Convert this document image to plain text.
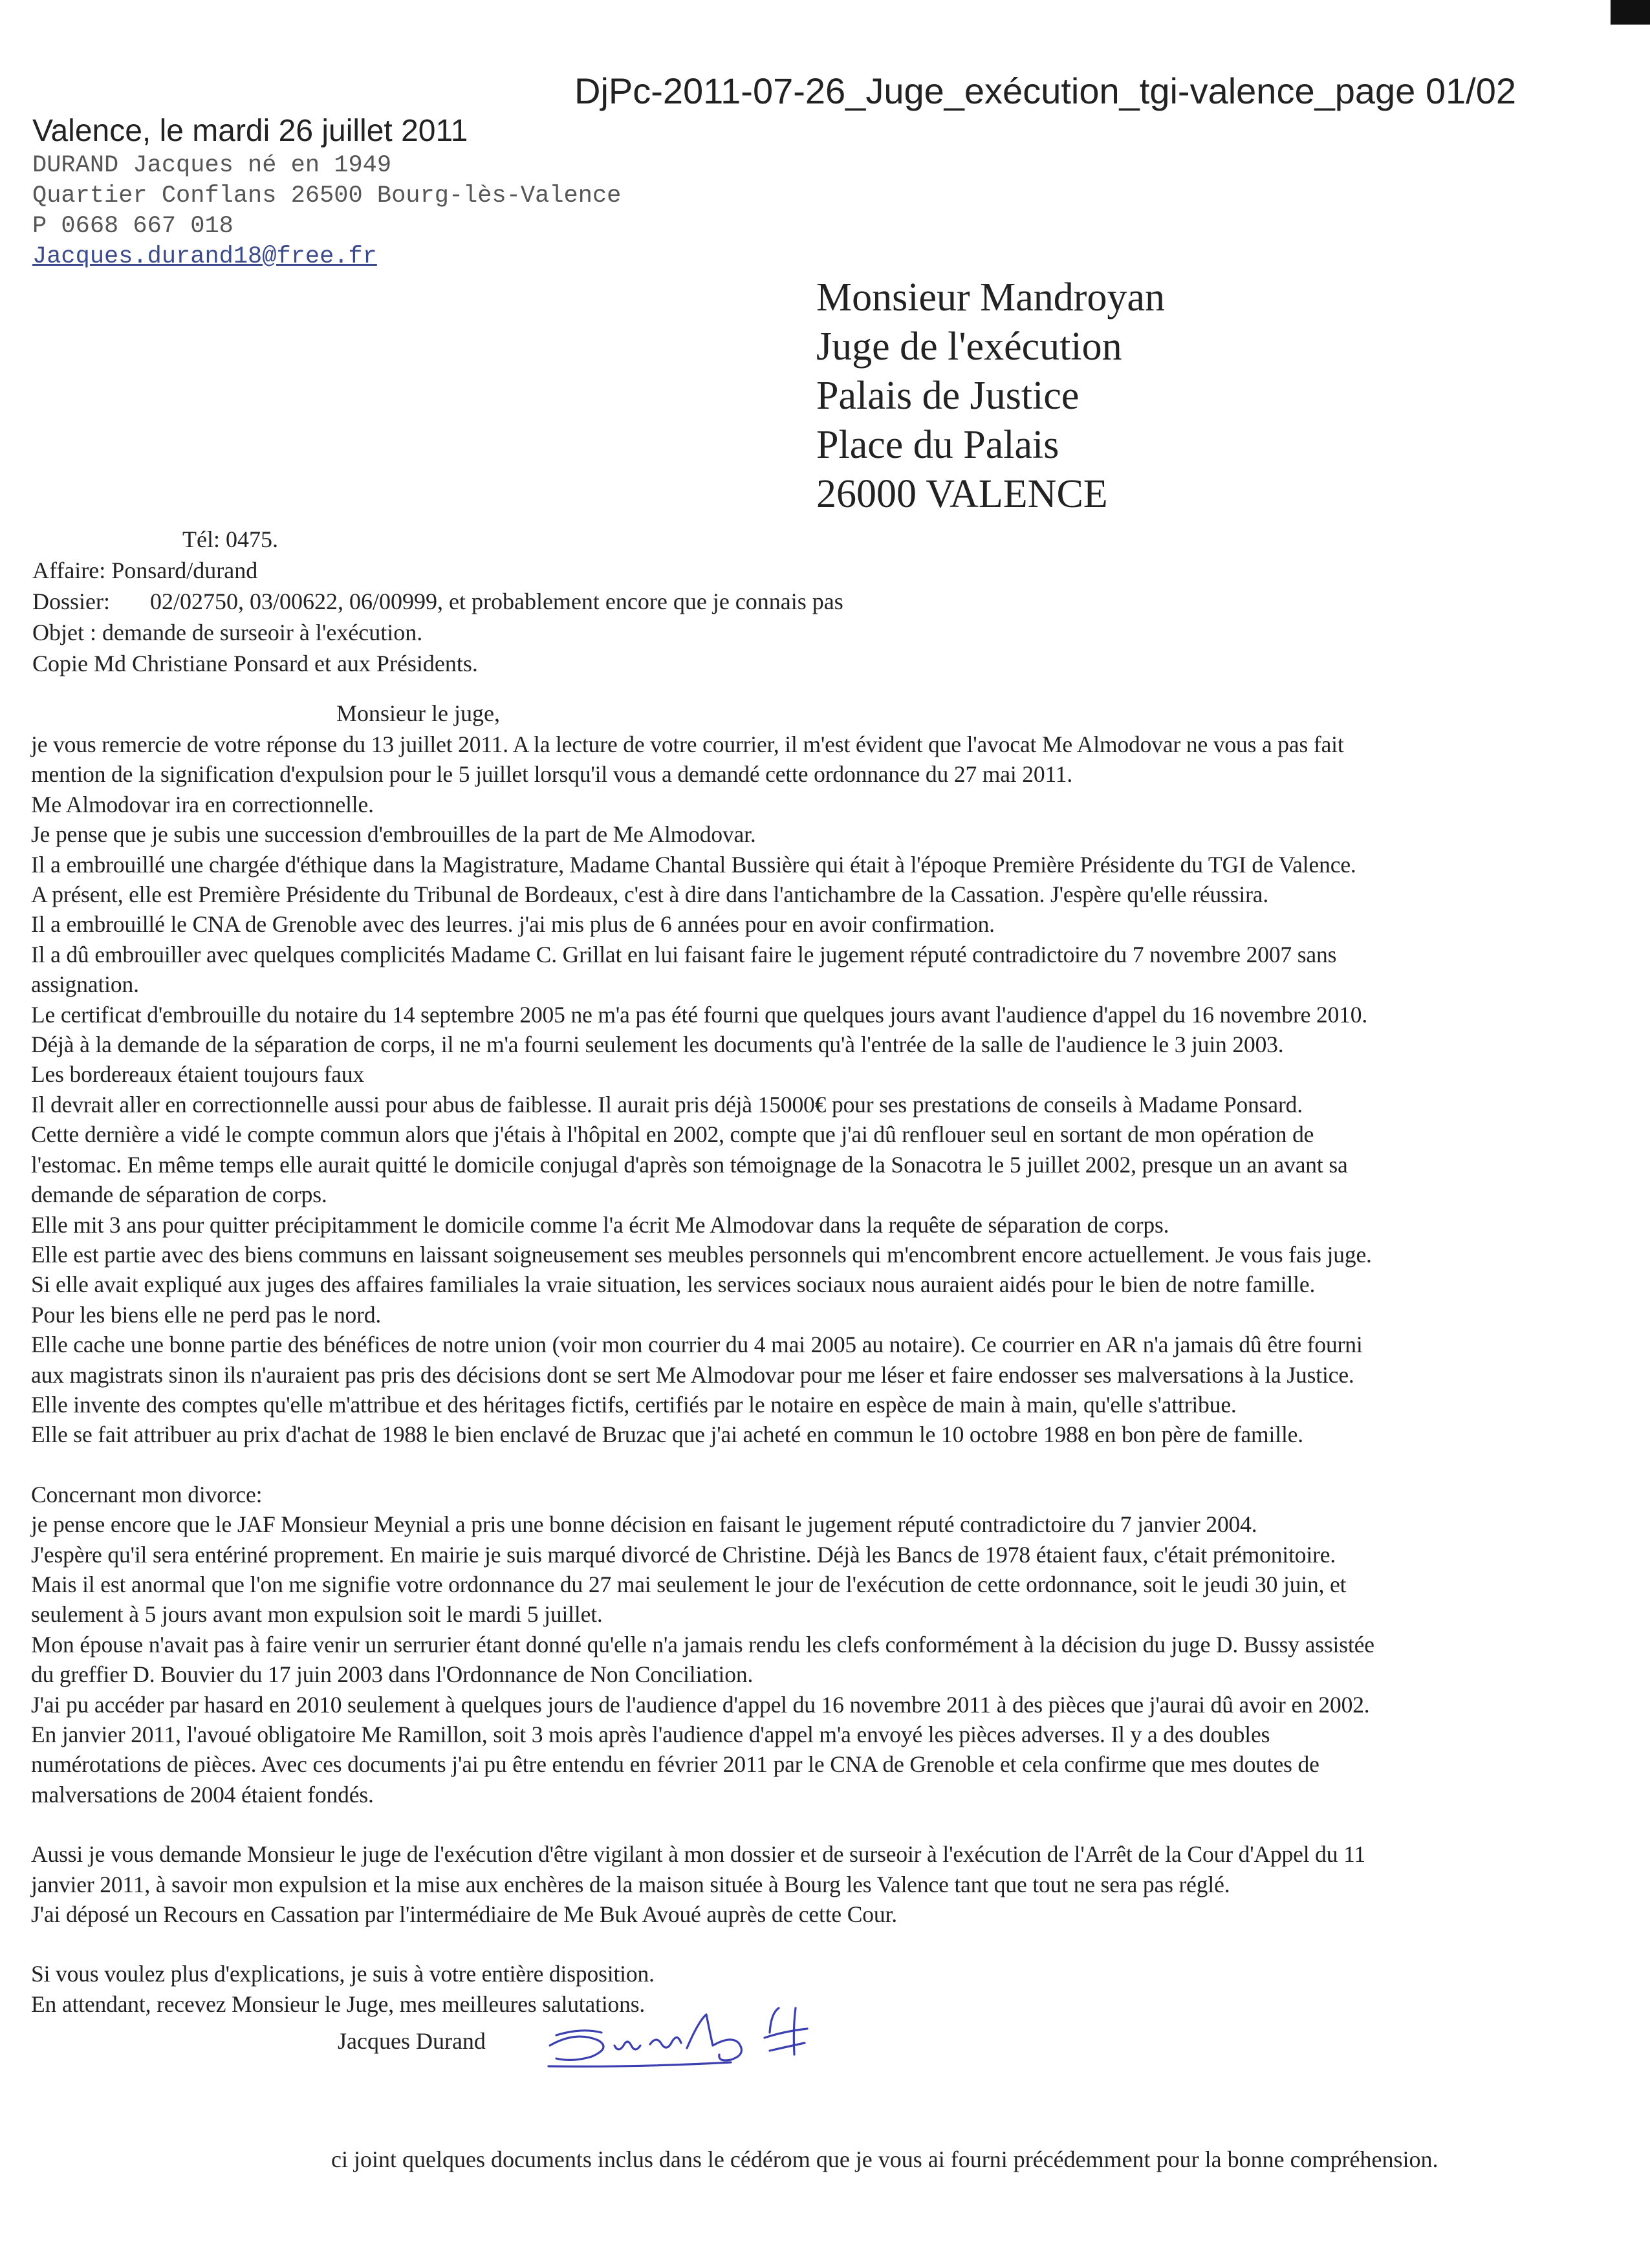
DjPc-2011-07-26_Juge_exécution_tgi-valence_page 01/02
Valence, le mardi 26 juillet 2011
DURAND Jacques né en 1949
Quartier Conflans 26500 Bourg-lès-Valence
P 0668 667 018
Jacques.durand18@free.fr
Monsieur Mandroyan
Juge de l'exécution
Palais de Justice
Place du Palais
26000 VALENCE
Tél: 0475.
Affaire: Ponsard/durand
Dossier: 02/02750, 03/00622, 06/00999, et probablement encore que je connais pas
Objet : demande de surseoir à l'exécution.
Copie Md Christiane Ponsard et aux Présidents.
Monsieur le juge,
je vous remercie de votre réponse du 13 juillet 2011. A la lecture de votre courrier, il m'est évident que l'avocat Me Almodovar ne vous a pas fait
mention de la signification d'expulsion pour le 5 juillet lorsqu'il vous a demandé cette ordonnance du 27 mai 2011.
Me Almodovar ira en correctionnelle.
Je pense que je subis une succession d'embrouilles de la part de Me Almodovar.
Il a embrouillé une chargée d'éthique dans la Magistrature, Madame Chantal Bussière qui était à l'époque Première Présidente du TGI de Valence.
A présent, elle est Première Présidente du Tribunal de Bordeaux, c'est à dire dans l'antichambre de la Cassation. J'espère qu'elle réussira.
Il a embrouillé le CNA de Grenoble avec des leurres. j'ai mis plus de 6 années pour en avoir confirmation.
Il a dû embrouiller avec quelques complicités Madame C. Grillat en lui faisant faire le jugement réputé contradictoire du 7 novembre 2007 sans
assignation.
Le certificat d'embrouille du notaire du 14 septembre 2005 ne m'a pas été fourni que quelques jours avant l'audience d'appel du 16 novembre 2010.
Déjà à la demande de la séparation de corps, il ne m'a fourni seulement les documents qu'à l'entrée de la salle de l'audience le 3 juin 2003.
Les bordereaux étaient toujours faux
Il devrait aller en correctionnelle aussi pour abus de faiblesse. Il aurait pris déjà 15000€ pour ses prestations de conseils à Madame Ponsard.
Cette dernière a vidé le compte commun alors que j'étais à l'hôpital en 2002, compte que j'ai dû renflouer seul en sortant de mon opération de
l'estomac. En même temps elle aurait quitté le domicile conjugal d'après son témoignage de la Sonacotra le 5 juillet 2002, presque un an avant sa
demande de séparation de corps.
Elle mit 3 ans pour quitter précipitamment le domicile comme l'a écrit Me Almodovar dans la requête de séparation de corps.
Elle est partie avec des biens communs en laissant soigneusement ses meubles personnels qui m'encombrent encore actuellement. Je vous fais juge.
Si elle avait expliqué aux juges des affaires familiales la vraie situation, les services sociaux nous auraient aidés pour le bien de notre famille.
Pour les biens elle ne perd pas le nord.
Elle cache une bonne partie des bénéfices de notre union (voir mon courrier du 4 mai 2005 au notaire). Ce courrier en AR n'a jamais dû être fourni
aux magistrats sinon ils n'auraient pas pris des décisions dont se sert Me Almodovar pour me léser et faire endosser ses malversations à la Justice.
Elle invente des comptes qu'elle m'attribue et des héritages fictifs, certifiés par le notaire en espèce de main à main, qu'elle s'attribue.
Elle se fait attribuer au prix d'achat de 1988 le bien enclavé de Bruzac que j'ai acheté en commun le 10 octobre 1988 en bon père de famille.
Concernant mon divorce:
je pense encore que le JAF Monsieur Meynial a pris une bonne décision en faisant le jugement réputé contradictoire du 7 janvier 2004.
J'espère qu'il sera entériné proprement. En mairie je suis marqué divorcé de Christine. Déjà les Bancs de 1978 étaient faux, c'était prémonitoire.
Mais il est anormal que l'on me signifie votre ordonnance du 27 mai seulement le jour de l'exécution de cette ordonnance, soit le jeudi 30 juin, et
seulement à 5 jours avant mon expulsion soit le mardi 5 juillet.
Mon épouse n'avait pas à faire venir un serrurier étant donné qu'elle n'a jamais rendu les clefs conformément à la décision du juge D. Bussy assistée
du greffier D. Bouvier du 17 juin 2003 dans l'Ordonnance de Non Conciliation.
J'ai pu accéder par hasard en 2010 seulement à quelques jours de l'audience d'appel du 16 novembre 2011 à des pièces que j'aurai dû avoir en 2002.
En janvier 2011, l'avoué obligatoire Me Ramillon, soit 3 mois après l'audience d'appel m'a envoyé les pièces adverses. Il y a des doubles
numérotations de pièces. Avec ces documents j'ai pu être entendu en février 2011 par le CNA de Grenoble et cela confirme que mes doutes de
malversations de 2004 étaient fondés.
Aussi je vous demande Monsieur le juge de l'exécution d'être vigilant à mon dossier et de surseoir à l'exécution de l'Arrêt de la Cour d'Appel du 11
janvier 2011, à savoir mon expulsion et la mise aux enchères de la maison située à Bourg les Valence tant que tout ne sera pas réglé.
J'ai déposé un Recours en Cassation par l'intermédiaire de Me Buk Avoué auprès de cette Cour.
Si vous voulez plus d'explications, je suis à votre entière disposition.
En attendant, recevez Monsieur le Juge, mes meilleures salutations.
Jacques Durand
ci joint quelques documents inclus dans le cédérom que je vous ai fourni précédemment pour la bonne compréhension.
